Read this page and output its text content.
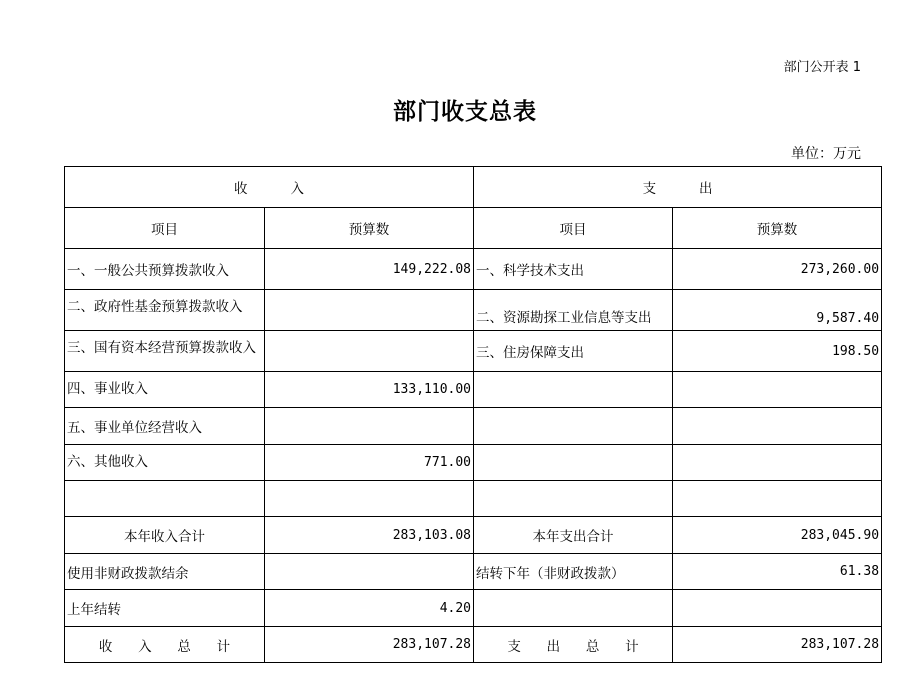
部门公开表 1
部门收支总表
单位：万元
收          入		支          出	
项目	预算数	项目	预算数
一、一般公共预算拨款收入	149,222.08	一、科学技术支出	273,260.00
二、政府性基金预算拨款收入		二、资源勘探工业信息等支出	9,587.40
三、国有资本经营预算拨款收入		三、住房保障支出	198.50
四、事业收入	133,110.00		
五、事业单位经营收入			
六、其他收入	771.00		

本年收入合计	283,103.08	本年支出合计	283,045.90
使用非财政拨款结余		结转下年（非财政拨款）	61.38
上年结转	4.20		
收      入      总      计	283,107.28	支      出      总      计	283,107.28
